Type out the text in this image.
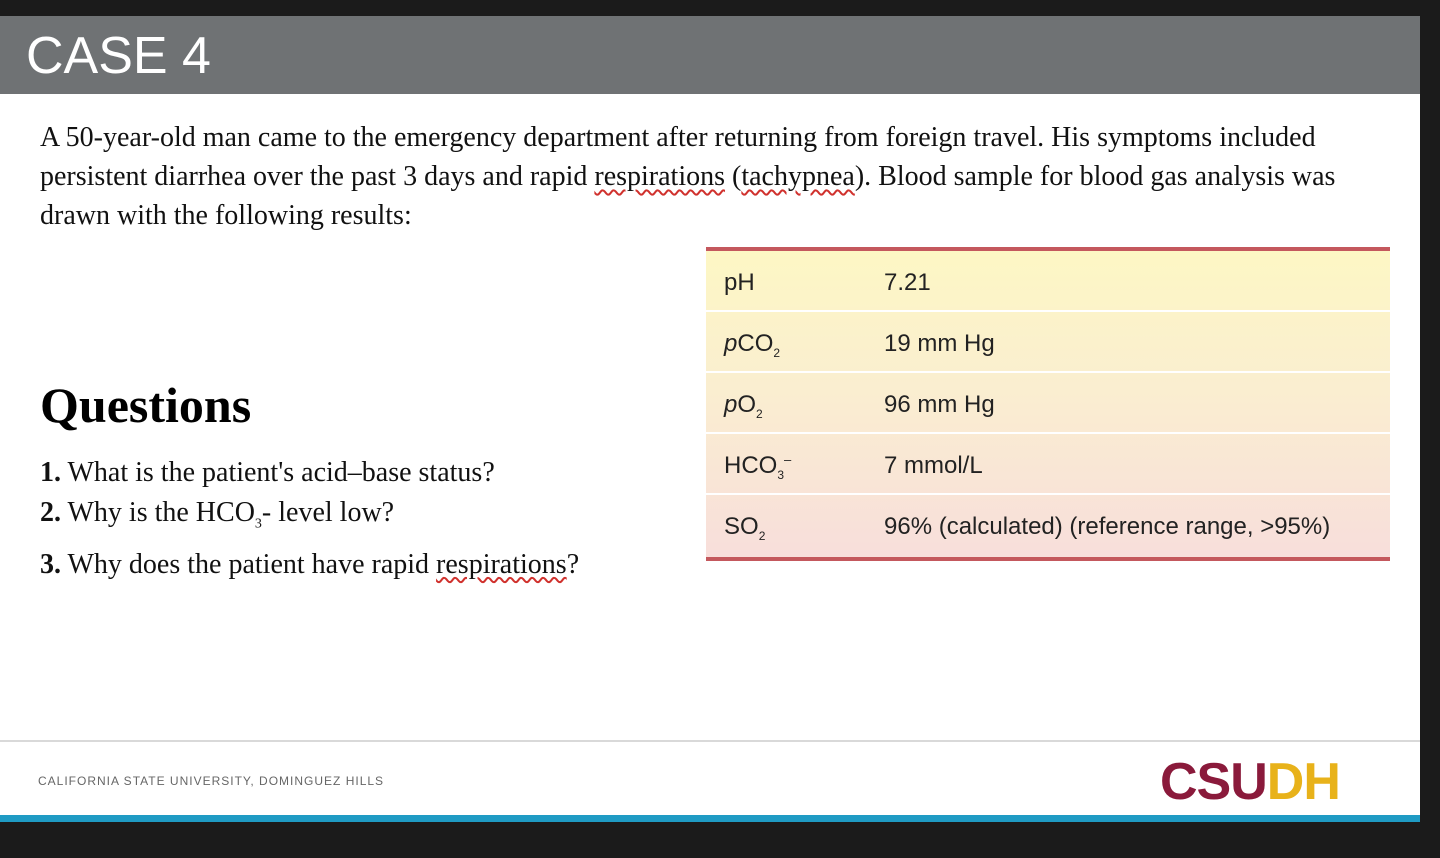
CASE 4
A 50-year-old man came to the emergency department after returning from foreign travel. His symptoms included persistent diarrhea over the past 3 days and rapid respirations (tachypnea). Blood sample for blood gas analysis was drawn with the following results:
Questions
1. What is the patient's acid–base status?
2. Why is the $HCO_3-$ level low?
3. Why does the patient have rapid respirations?
pH	7.21
pCO$_2$	19 mm Hg
$pO_2$	96 mm Hg
$HCO_3^-$	7 mmol/L
$SO_2$	96% (calculated) (reference range, >95%)
CALIFORNIA STATE UNIVERSITY, DOMINGUEZ HILLS	CSUDH
